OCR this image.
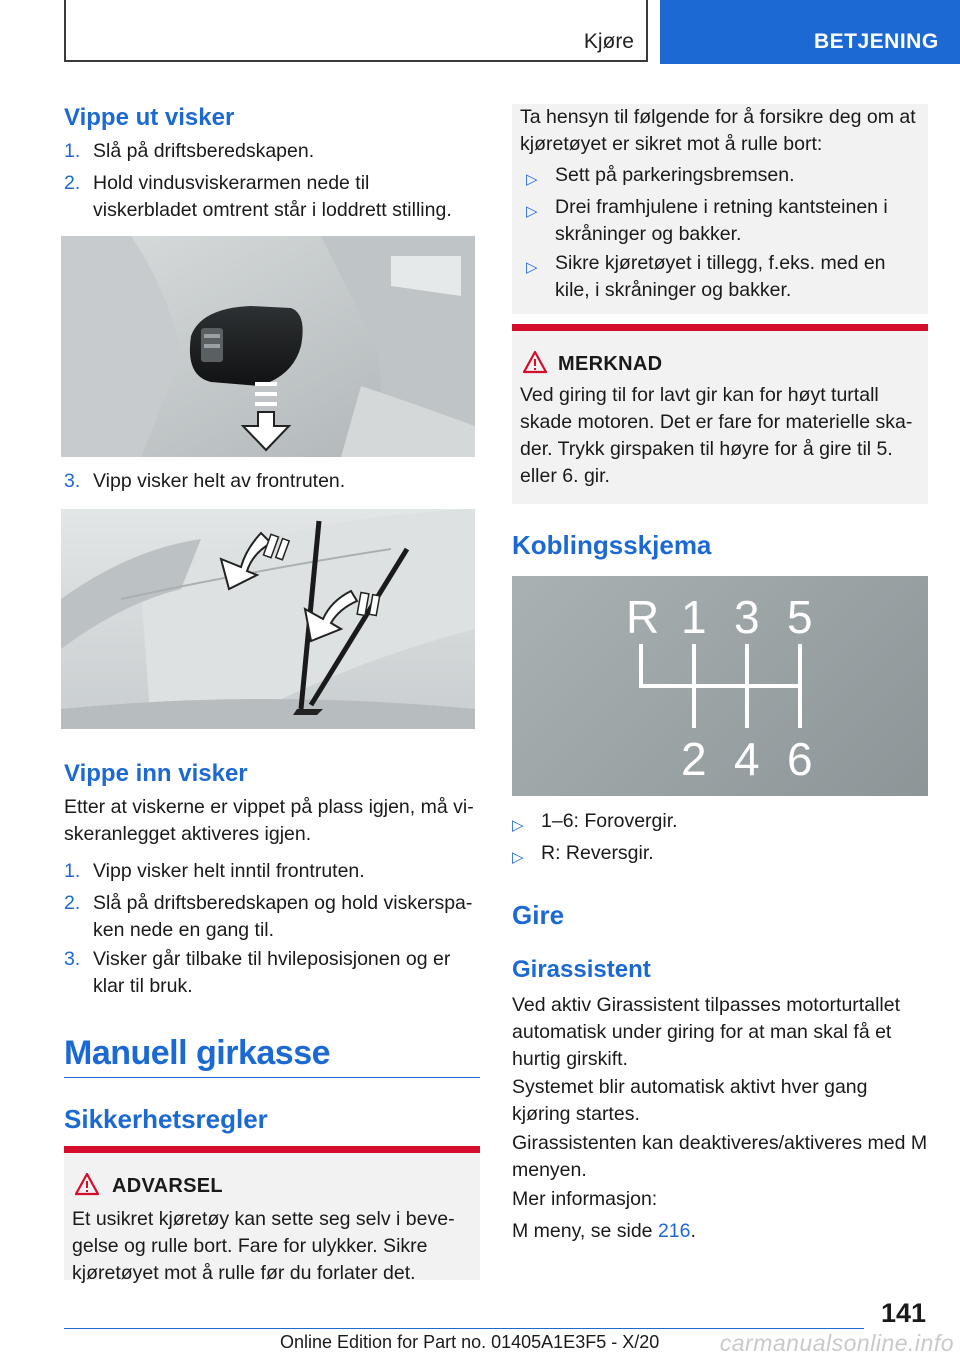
Kjøre	BETJENING
Vippe ut visker
1. Slå på driftsberedskapen.
2. Hold vindusviskerarmen nede til viskerbladet omtrent står i loddrett stilling.
3. Vipp visker helt av frontruten.
Vippe inn visker

Etter at viskerne er vippet på plass igjen, må viskeranlegget aktiveres igjen.

1. Vipp visker helt inntil frontruten.
2. Slå på driftsberedskapen og hold viskerspaken nede en gang til.
3. Visker går tilbake til hvileposisjonen og er klar til bruk.
Manuell girkasse
Sikkerhetsregler
ADVARSEL

Et usikret kjøretøy kan sette seg selv i bevegelse og rulle bort. Fare for ulykker. Sikre kjøretøyet mot å rulle før du forlater det.

Ta hensyn til følgende for å forsikre deg om at kjøretøyet er sikret mot å rulle bort:

▷ Sett på parkeringsbremsen.
▷ Drei framhjulene i retning kantsteinen i skråninger og bakker.
▷ Sikre kjøretøyet i tillegg, f.eks. med en kile, i skråninger og bakker.
MERKNAD

Ved giring til for lavt gir kan for høyt turtall skade motoren. Det er fare for materielle skader. Trykk girspaken til høyre for å gire til 5. eller 6. gir.

Koblingsskjema
R 1 3 5
2 4 6
▷ 1–6: Forovergir.
▷ R: Reversgir.
Gire
Girassistent

Ved aktiv Girassistent tilpasses motorturtallet automatisk under giring for at man skal få et hurtig girskift.

Systemet blir automatisk aktivt hver gang kjøring startes.

Girassistenten kan deaktiveres/aktiveres med M menyen.

Mer informasjon:

M meny, se side 216.

141
Online Edition for Part no. 01405A1E3F5 - X/20	carmanualsonline.info
